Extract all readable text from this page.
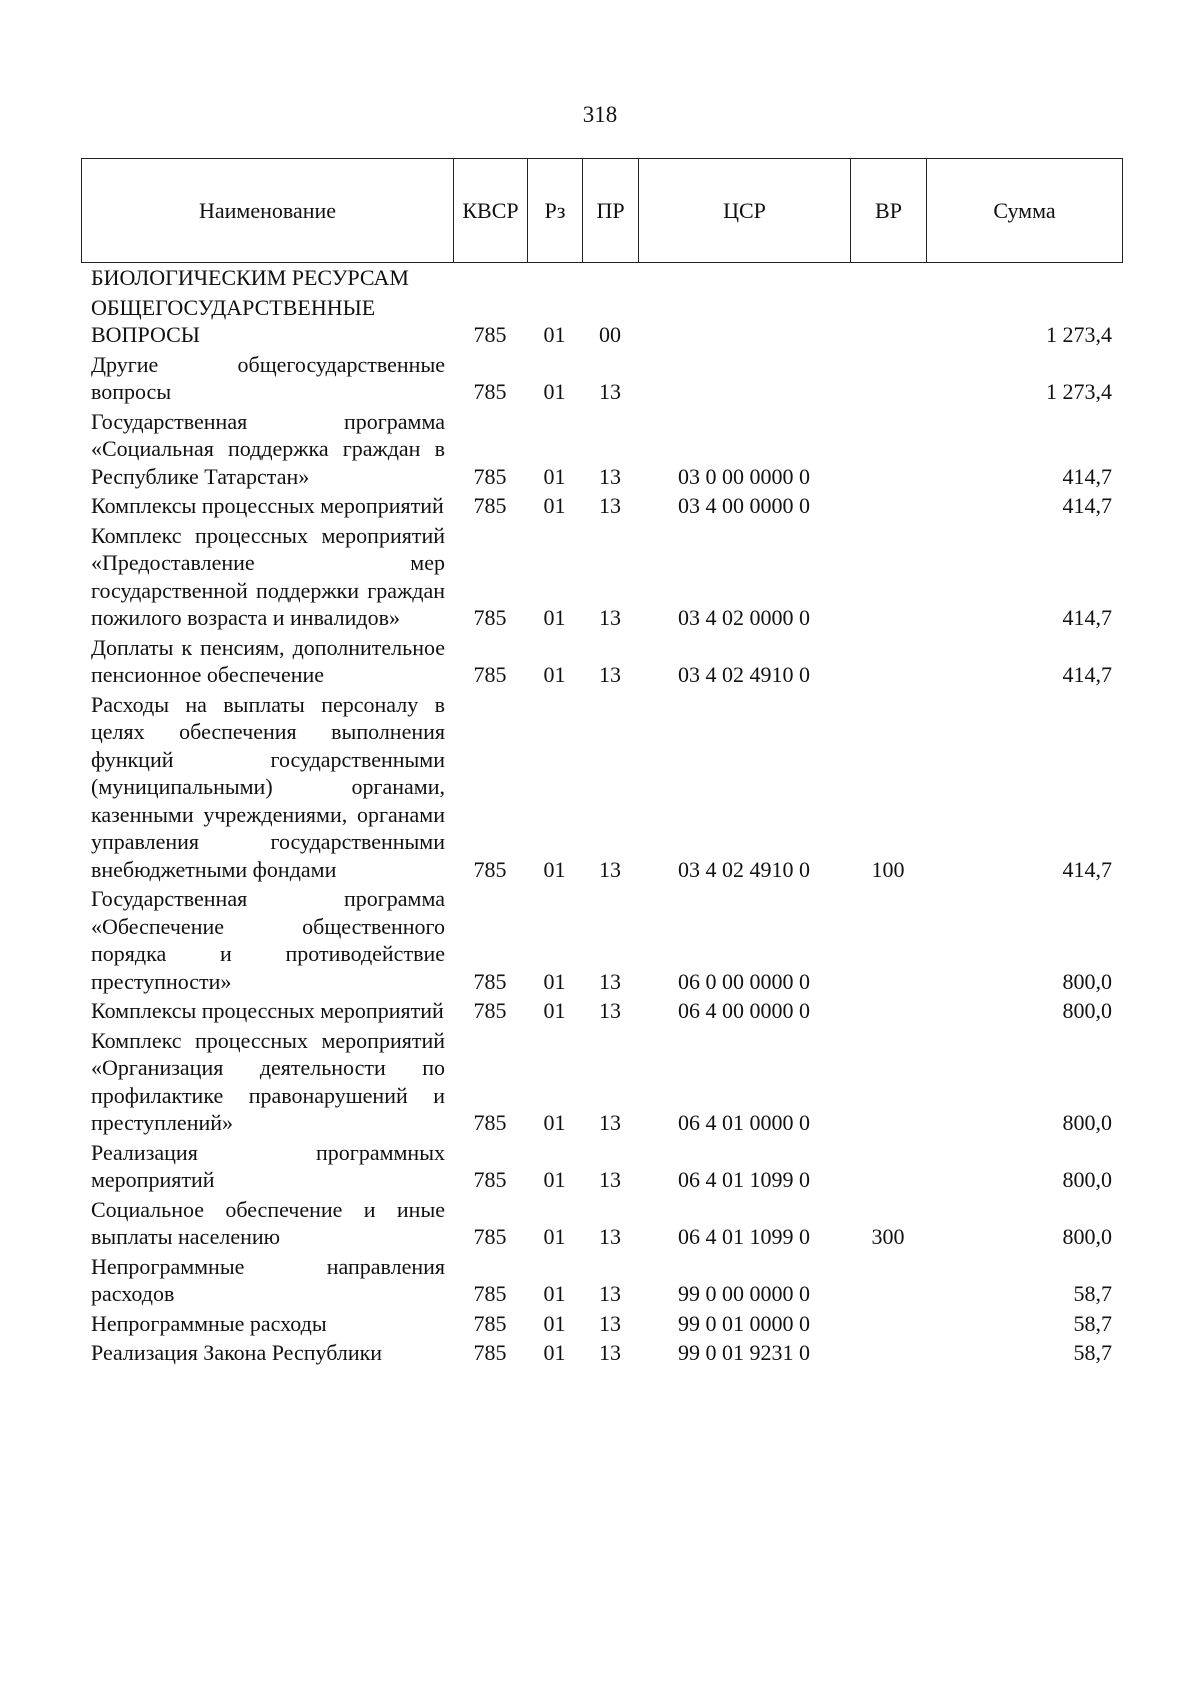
318
Наименование	КВСР	Рз	ПР	ЦСР	ВР	Сумма
БИОЛОГИЧЕСКИМ РЕСУРСАМ						
ОБЩЕГОСУДАРСТВЕННЫЕ ВОПРОСЫ	785	01	00			1 273,4
Другие общегосударственные вопросы	785	01	13			1 273,4
Государственная программа «Социальная поддержка граждан в Республике Татарстан»	785	01	13	03 0 00 0000 0		414,7
Комплексы процессных мероприятий	785	01	13	03 4 00 0000 0		414,7
Комплекс процессных мероприятий «Предоставление мер государственной поддержки граждан пожилого возраста и инвалидов»	785	01	13	03 4 02 0000 0		414,7
Доплаты к пенсиям, дополнительное пенсионное обеспечение	785	01	13	03 4 02 4910 0		414,7
Расходы на выплаты персоналу в целях обеспечения выполнения функций государственными (муниципальными) органами, казенными учреждениями, органами управления государственными внебюджетными фондами	785	01	13	03 4 02 4910 0	100	414,7
Государственная программа «Обеспечение общественного порядка и противодействие преступности»	785	01	13	06 0 00 0000 0		800,0
Комплексы процессных мероприятий	785	01	13	06 4 00 0000 0		800,0
Комплекс процессных мероприятий «Организация деятельности по профилактике правонарушений и преступлений»	785	01	13	06 4 01 0000 0		800,0
Реализация программных мероприятий	785	01	13	06 4 01 1099 0		800,0
Социальное обеспечение и иные выплаты населению	785	01	13	06 4 01 1099 0	300	800,0
Непрограммные направления расходов	785	01	13	99 0 00 0000 0		58,7
Непрограммные расходы	785	01	13	99 0 01 0000 0		58,7
Реализация Закона Республики	785	01	13	99 0 01 9231 0		58,7
